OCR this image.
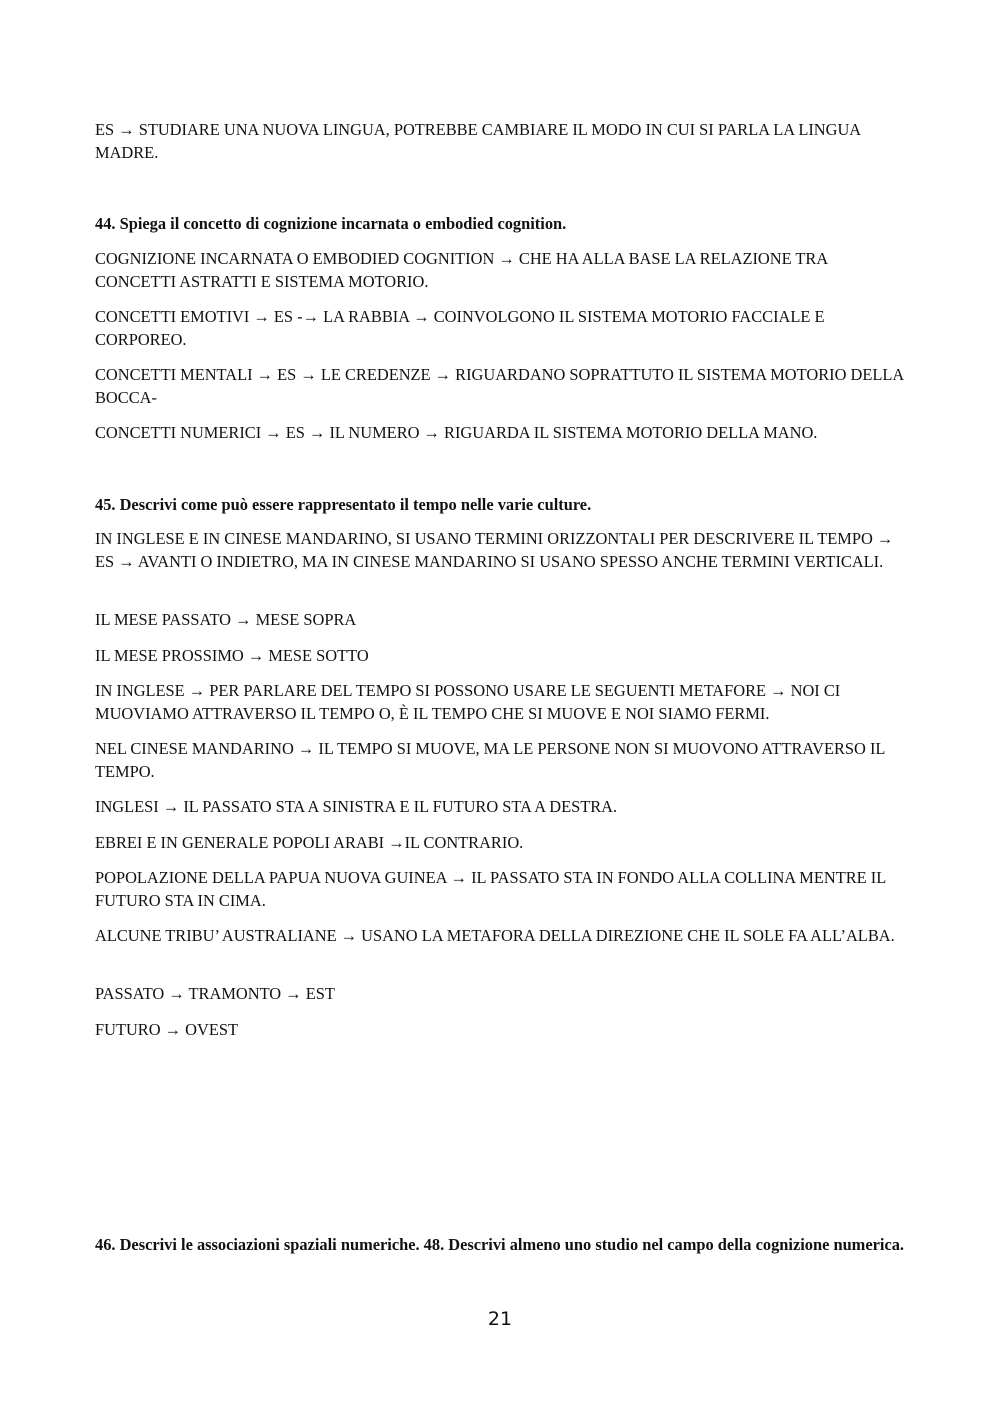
ES → STUDIARE UNA NUOVA LINGUA, POTREBBE CAMBIARE IL MODO IN CUI SI PARLA LA LINGUA MADRE.

44. Spiega il concetto di cognizione incarnata o embodied cognition.

COGNIZIONE INCARNATA O EMBODIED COGNITION → CHE HA ALLA BASE LA RELAZIONE TRA CONCETTI ASTRATTI E SISTEMA MOTORIO.

CONCETTI EMOTIVI → ES -→ LA RABBIA → COINVOLGONO IL SISTEMA MOTORIO FACCIALE E CORPOREO.

CONCETTI MENTALI → ES → LE CREDENZE → RIGUARDANO SOPRATTUTO IL SISTEMA MOTORIO DELLA BOCCA-

CONCETTI NUMERICI → ES → IL NUMERO → RIGUARDA IL SISTEMA MOTORIO DELLA MANO.

45. Descrivi come può essere rappresentato il tempo nelle varie culture.

IN INGLESE E IN CINESE MANDARINO, SI USANO TERMINI ORIZZONTALI PER DESCRIVERE IL TEMPO → ES → AVANTI O INDIETRO, MA IN CINESE MANDARINO SI USANO SPESSO ANCHE TERMINI VERTICALI.

IL MESE PASSATO → MESE SOPRA

IL MESE PROSSIMO → MESE SOTTO

IN INGLESE → PER PARLARE DEL TEMPO SI POSSONO USARE LE SEGUENTI METAFORE → NOI CI MUOVIAMO ATTRAVERSO IL TEMPO O, È IL TEMPO CHE SI MUOVE E NOI SIAMO FERMI.

NEL CINESE MANDARINO → IL TEMPO SI MUOVE, MA LE PERSONE NON SI MUOVONO ATTRAVERSO IL TEMPO.

INGLESI → IL PASSATO STA A SINISTRA E IL FUTURO STA A DESTRA.

EBREI E IN GENERALE POPOLI ARABI →IL CONTRARIO.

POPOLAZIONE DELLA PAPUA NUOVA GUINEA → IL PASSATO STA IN FONDO ALLA COLLINA MENTRE IL FUTURO STA IN CIMA.

ALCUNE TRIBU’ AUSTRALIANE → USANO LA METAFORA DELLA DIREZIONE CHE IL SOLE FA ALL’ALBA.

PASSATO → TRAMONTO → EST

FUTURO → OVEST

46. Descrivi le associazioni spaziali numeriche. 48. Descrivi almeno uno studio nel campo della cognizione numerica.

21
